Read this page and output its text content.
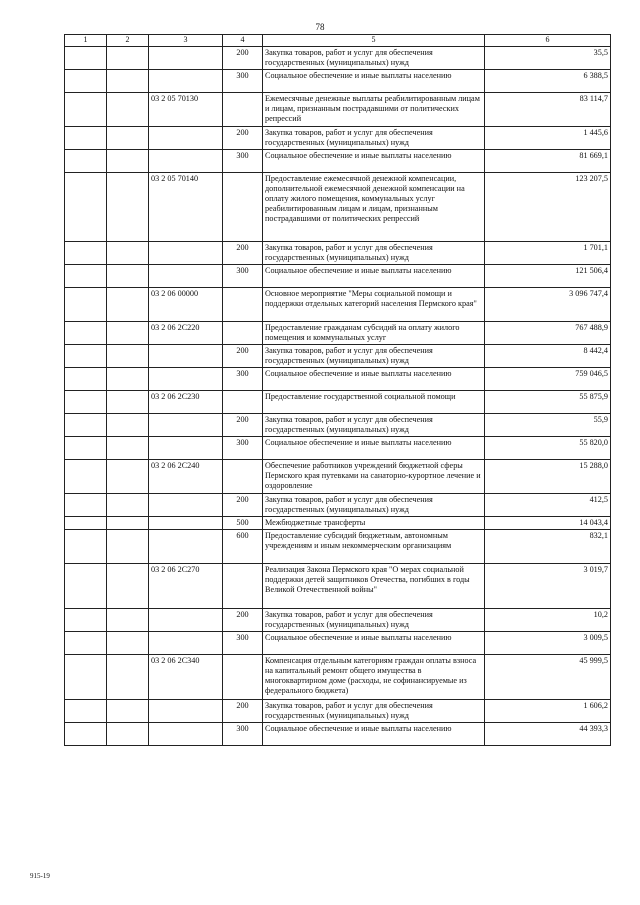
78
1	2	3	4	5	6
			200	Закупка товаров, работ и услуг для обеспечения государственных (муниципальных) нужд	35,5
			300	Социальное обеспечение и иные выплаты населению	6 388,5
		03 2 05 70130		Ежемесячные денежные выплаты реабилитированным лицам и лицам, признанным пострадавшими от политических репрессий	83 114,7
			200	Закупка товаров, работ и услуг для обеспечения государственных (муниципальных) нужд	1 445,6
			300	Социальное обеспечение и иные выплаты населению	81 669,1
		03 2 05 70140		Предоставление ежемесячной денежной компенсации, дополнительной ежемесячной денежной компенсации на оплату жилого помещения, коммунальных услуг реабилитированным лицам и лицам, признанным пострадавшими от политических репрессий	123 207,5
			200	Закупка товаров, работ и услуг для обеспечения государственных (муниципальных) нужд	1 701,1
			300	Социальное обеспечение и иные выплаты населению	121 506,4
		03 2 06 00000		Основное мероприятие "Меры социальной помощи и поддержки отдельных категорий населения Пермского края"	3 096 747,4
		03 2 06 2C220		Предоставление гражданам субсидий на оплату жилого помещения и коммунальных услуг	767 488,9
			200	Закупка товаров, работ и услуг для обеспечения государственных (муниципальных) нужд	8 442,4
			300	Социальное обеспечение и иные выплаты населению	759 046,5
		03 2 06 2C230		Предоставление государственной социальной помощи	55 875,9
			200	Закупка товаров, работ и услуг для обеспечения государственных (муниципальных) нужд	55,9
			300	Социальное обеспечение и иные выплаты населению	55 820,0
		03 2 06 2C240		Обеспечение работников учреждений бюджетной сферы Пермского края путевками на санаторно-курортное лечение и оздоровление	15 288,0
			200	Закупка товаров, работ и услуг для обеспечения государственных (муниципальных) нужд	412,5
			500	Межбюджетные трансферты	14 043,4
			600	Предоставление субсидий бюджетным, автономным учреждениям и иным некоммерческим организациям	832,1
		03 2 06 2C270		Реализация Закона Пермского края "О мерах социальной поддержки детей защитников Отечества, погибших в годы Великой Отечественной войны"	3 019,7
			200	Закупка товаров, работ и услуг для обеспечения государственных (муниципальных) нужд	10,2
			300	Социальное обеспечение и иные выплаты населению	3 009,5
		03 2 06 2C340		Компенсация отдельным категориям граждан оплаты взноса на капитальный ремонт общего имущества в многоквартирном доме (расходы, не софинансируемые из федерального бюджета)	45 999,5
			200	Закупка товаров, работ и услуг для обеспечения государственных (муниципальных) нужд	1 606,2
			300	Социальное обеспечение и иные выплаты населению	44 393,3
915-19
